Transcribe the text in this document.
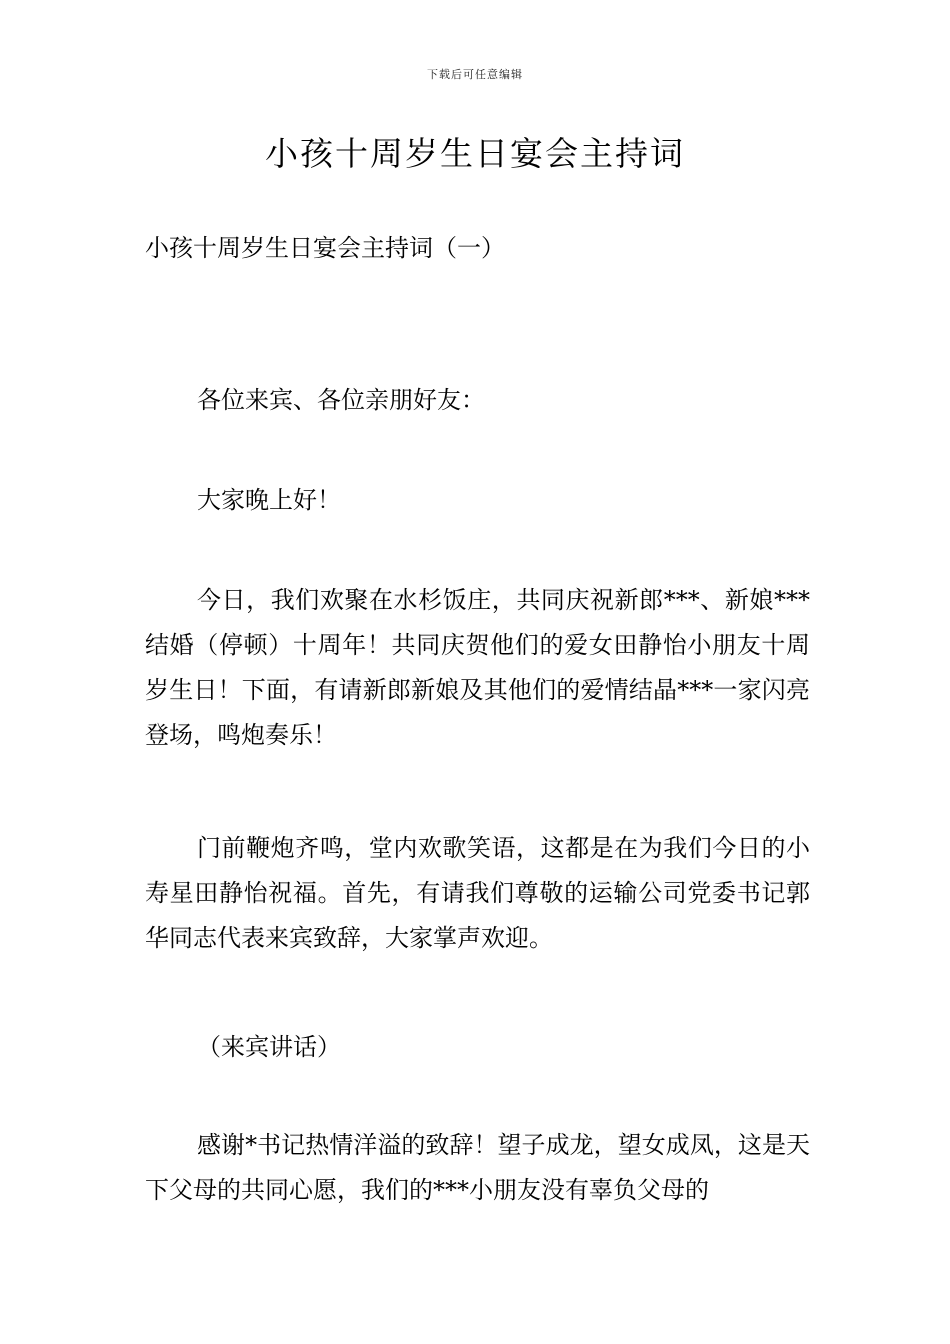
下载后可任意编辑
小孩十周岁生日宴会主持词
小孩十周岁生日宴会主持词（一）

各位来宾、各位亲朋好友：

大家晚上好！

今日，我们欢聚在水杉饭庄，共同庆祝新郎***、新娘***结婚（停顿）十周年！共同庆贺他们的爱女田静怡小朋友十周岁生日！下面，有请新郎新娘及其他们的爱情结晶***一家闪亮登场，鸣炮奏乐！

门前鞭炮齐鸣，堂内欢歌笑语，这都是在为我们今日的小寿星田静怡祝福。首先，有请我们尊敬的运输公司党委书记郭华同志代表来宾致辞，大家掌声欢迎。

（来宾讲话）

感谢*书记热情洋溢的致辞！望子成龙，望女成凤，这是天下父母的共同心愿，我们的***小朋友没有辜负父母的
